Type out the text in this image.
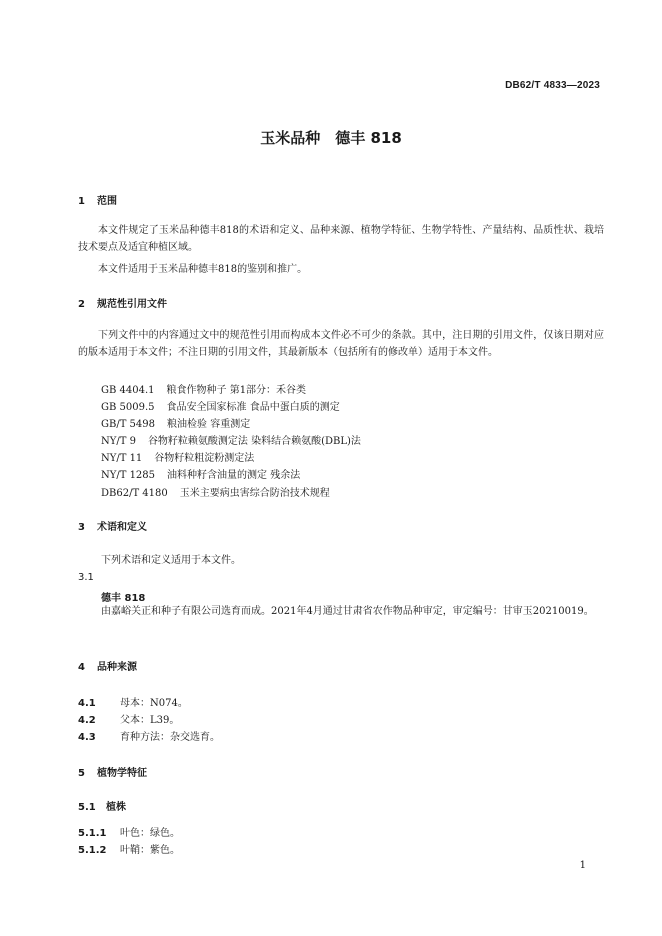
DB62/T 4833—2023
玉米品种　德丰 818
1 范围
本文件规定了玉米品种德丰818的术语和定义、品种来源、植物学特征、生物学特性、产量结构、品质性状、栽培技术要点及适宜种植区域。
本文件适用于玉米品种德丰818的鉴别和推广。
2 规范性引用文件
下列文件中的内容通过文中的规范性引用而构成本文件必不可少的条款。其中，注日期的引用文件，仅该日期对应的版本适用于本文件；不注日期的引用文件，其最新版本（包括所有的修改单）适用于本文件。
GB 4404.1 粮食作物种子 第1部分：禾谷类
GB 5009.5 食品安全国家标准 食品中蛋白质的测定
GB/T 5498 粮油检验 容重测定
NY/T 9 谷物籽粒赖氨酸测定法 染料结合赖氨酸(DBL)法
NY/T 11 谷物籽粒粗淀粉测定法
NY/T 1285 油料种籽含油量的测定 残余法
DB62/T 4180 玉米主要病虫害综合防治技术规程
3 术语和定义
下列术语和定义适用于本文件。
3.1
德丰 818
由嘉峪关正和种子有限公司选育而成。2021年4月通过甘肃省农作物品种审定，审定编号：甘审玉20210019。
4 品种来源
4.1 母本：N074。
4.2 父本：L39。
4.3 育种方法：杂交选育。
5 植物学特征
5.1 植株
5.1.1 叶色：绿色。
5.1.2 叶鞘：紫色。
1
